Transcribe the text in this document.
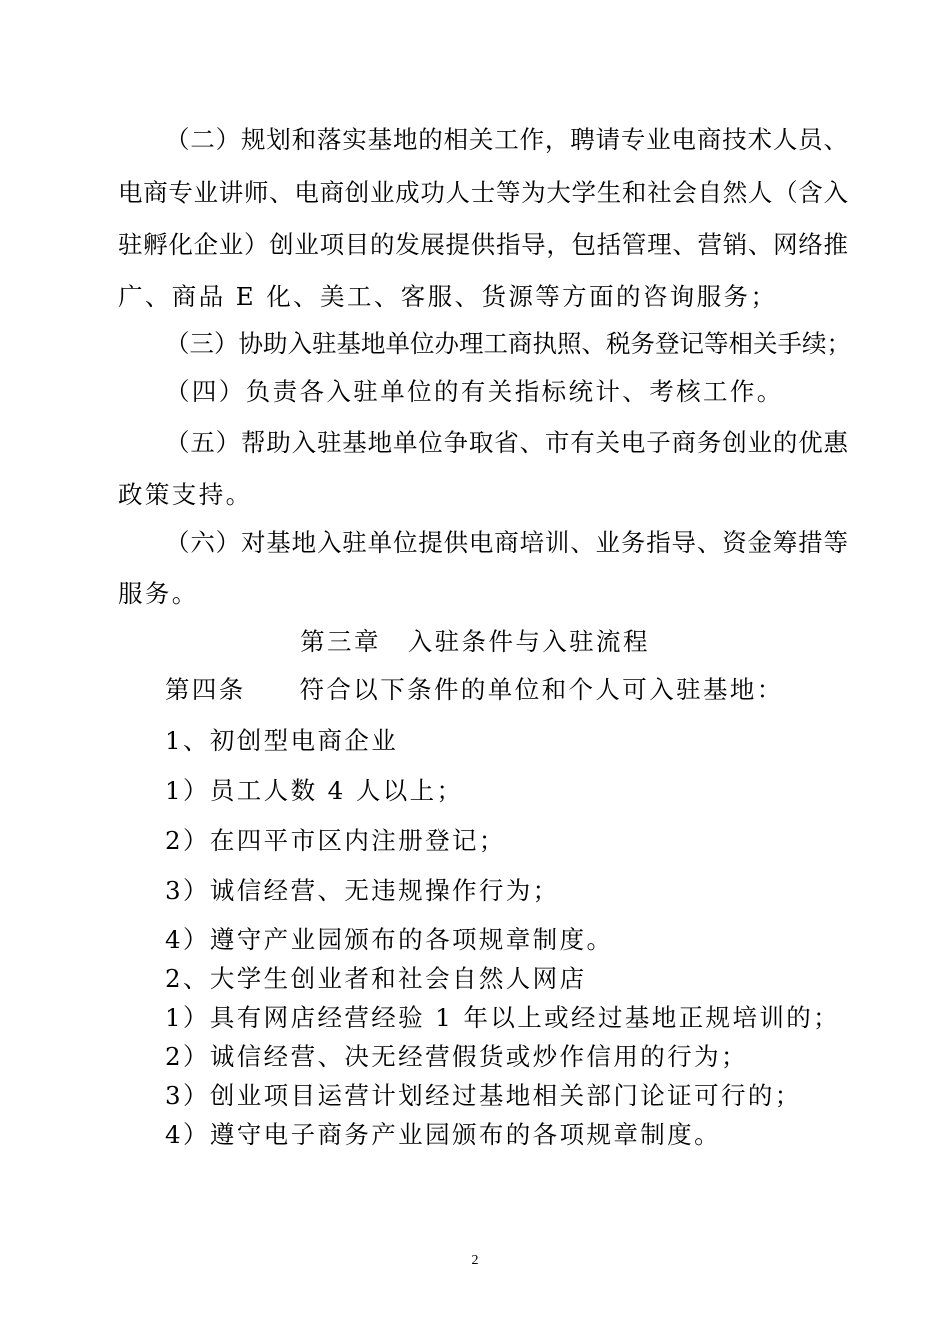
（二）规划和落实基地的相关工作，聘请专业电商技术人员、
电商专业讲师、电商创业成功人士等为大学生和社会自然人（含入
驻孵化企业）创业项目的发展提供指导，包括管理、营销、网络推
广、商品 E 化、美工、客服、货源等方面的咨询服务；
（三）协助入驻基地单位办理工商执照、税务登记等相关手续；
（四）负责各入驻单位的有关指标统计、考核工作。
（五）帮助入驻基地单位争取省、市有关电子商务创业的优惠
政策支持。
（六）对基地入驻单位提供电商培训、业务指导、资金筹措等
服务。
第三章　入驻条件与入驻流程
第四条　　符合以下条件的单位和个人可入驻基地：
1、初创型电商企业
1）员工人数 4 人以上；
2）在四平市区内注册登记；
3）诚信经营、无违规操作行为；
4）遵守产业园颁布的各项规章制度。
2、大学生创业者和社会自然人网店
1）具有网店经营经验 1 年以上或经过基地正规培训的；
2）诚信经营、决无经营假货或炒作信用的行为；
3）创业项目运营计划经过基地相关部门论证可行的；
4）遵守电子商务产业园颁布的各项规章制度。
2
